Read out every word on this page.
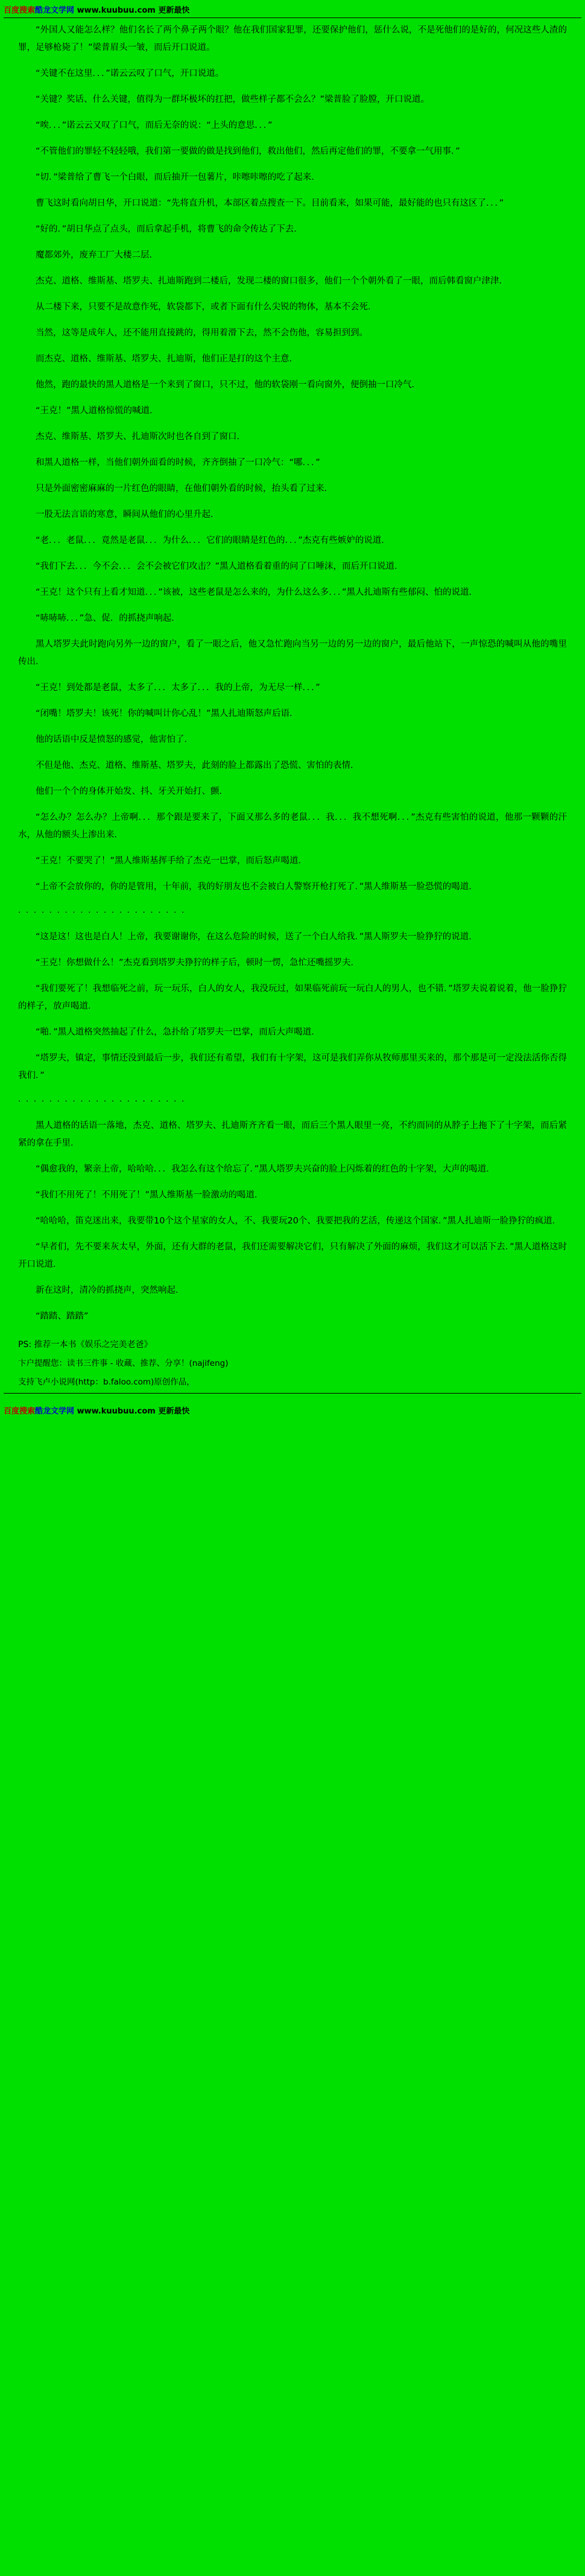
百度搜索酷龙文学网 www.kuubuu.com 更新最快

“外国人又能怎么样？他们名长了两个鼻子两个眼？他在我们国家犯罪，还要保护他们，惩什么说，不是死他们的是好的，何况这些人渣的罪，足够枪毙了！”梁普眉头一皱，而后开口说道。

“关键不在这里．．．”诺云云叹了口气，开口说道。

“关键？奖话、什么关键，值得为一群坏极坏的扛把，做些样子都不会么？”梁普脸了脸膛，开口说道。

“唉．．．”诺云云又叹了口气，而后无奈的说：“上头的意思．．．”

“不管他们的罪轻不轻轻哦，我们第一要做的做是找到他们，救出他们，然后再定他们的罪，不要拿一气用事．”

“切．”梁普给了曹飞一个白眼，而后抽开一包薯片，咔嚓咔嚓的吃了起来．

曹飞这时看向胡日华，开口说道：“先将直升机，本部区着点搜查一下。目前看来，如果可能，最好能的也只有这区了．．．”

“好的．”胡日华点了点头，而后拿起手机，将曹飞的命令传达了下去．

魔都郊外，废弃工厂大楼二层．

杰克、道格、维斯基、塔罗夫、扎迪斯跑到二楼后，发现二楼的窗口很多，他们一个个朝外看了一眼，而后韩看窗户津津．

从二楼下来，只要不是故意作死，软袋都下，或者下面有什么尖锐的物体，基本不会死．

当然，这等是成年人，还不能用直接跳的，得用着滑下去，然不会伤他，容易担到到。

而杰克、道格、维斯基、塔罗夫、扎迪斯，他们正是打的这个主意．

他然，跑的最快的黑人道格是一个来到了窗口，只不过，他的软袋刚一看向窗外，便倒抽一口冷气．

“王克！”黑人道格惊慌的喊道．

杰克、维斯基、塔罗夫、扎迪斯次时也各自到了窗口．

和黑人道格一样，当他们朝外面看的时候，齐齐倒抽了一口冷气：“哪．．．”

只是外面密密麻麻的一片红色的眼睛，在他们朝外看的时候，抬头看了过来．

一股无法言语的寒意，瞬间从他们的心里升起．

“老．．．老鼠．．．竟然是老鼠．．．为什么．．．它们的眼睛是红色的．．．”杰克有些嫉妒的说道．

“我们下去．．．今不会．．．会不会被它们攻击？”黑人道格看着重的问了口唾沫，而后开口说道．

“王克！这个只有上看才知道．．．”该被，这些老鼠是怎么来的，为什么这么多．．．”黑人扎迪斯有些郁闷、怕的说道．

“哧哧哧．．．”急、促．的抓挠声响起．

黑人塔罗夫此时跑向另外一边的窗户，看了一眼之后，他又急忙跑向当另一边的另一边的窗户，最后他站下，一声惊恐的喊叫从他的嘴里传出．

“王克！到处都是老鼠，太多了．．．太多了．．．我的上帝，为无尽一样．．．”

“闭嘴！塔罗夫！该死！你的喊叫计你心乱！”黑人扎迪斯怒声后语．

他的话语中反是愤怒的感觉，他害怕了．

不但是他、杰克、道格、维斯基、塔罗夫，此刻的脸上都露出了恐慌、害怕的表情．

他们一个个的身体开始发、抖、牙关开始打、颤．

“怎么办？怎么办？上帝啊．．．那个跟是要来了，下面又那么多的老鼠．．．我．．．我不想死啊．．．”杰克有些害怕的说道，他那一颗颗的汗水，从他的额头上渗出来．

“王克！不要哭了！”黑人维斯基挥手给了杰克一巴掌，而后怒声喝道．

“上帝不会放你的，你的是管用，十年前，我的好朋友也不会被白人警察开枪打死了．”黑人维斯基一脸恐慌的喝道．

· · · · · · · · · · · · · · · · · · · · · ·

“这是这！这也是白人！上帝，我要谢谢你，在这么危险的时候，送了一个白人给我．”黑人斯罗夫一脸狰狞的说道．

“王克！你想做什么！”杰克看到塔罗夫狰狞的样子后，顿时一愣，急忙还嘴摇罗夫．

“我们要死了！我想临死之前，玩一玩乐，白人的女人，我没玩过，如果临死前玩一玩白人的男人，也不错．”塔罗夫说着说着，他一脸狰狞的样子，放声喝道．

“啪．”黑人道格突然抽起了什么，急扑给了塔罗夫一巴掌，而后大声喝道．

“塔罗夫，镇定，事情还没到最后一步，我们还有希望，我们有十字架，这可是我们弄你从牧师那里买来的，那个那是可一定没法活你否得我们．”

· · · · · · · · · · · · · · · · · · · · · ·

黑人道格的话语一落地，杰克、道格、塔罗夫、扎迪斯齐齐看一眼，而后三个黑人眼里一亮，不约而同的从脖子上拖下了十字架，而后紧紧的拿在手里．

“偶愈我的，繁亲上帝，哈哈哈．．．我怎么有这个给忘了．”黑人塔罗夫兴奋的脸上闪烁着的红色的十字架，大声的喝道．

“我们不用死了！不用死了！”黑人维斯基一脸激动的喝道．

“哈哈哈，笛克迷出来，我要带10个这个星家的女人，不、我要玩20个、我要把我的艺活，传递这个国家．”黑人扎迪斯一脸狰狞的疯道．

“早者们，先不要来灰太早，外面，还有大群的老鼠，我们还需要解决它们，只有解决了外面的麻烦，我们这才可以活下去．”黑人道格这时开口说道．

新在这时，清冷的抓挠声，突然响起．

“踏踏、踏踏”

PS: 推荐一本书《娱乐之完美老爸》
卞户提醒您：读书三件事 - 收藏、推荐、分享！(najifeng)
支持飞卢小说网(http：b.faloo.com)原创作品，
百度搜索酷龙文学网 www.kuubuu.com 更新最快
